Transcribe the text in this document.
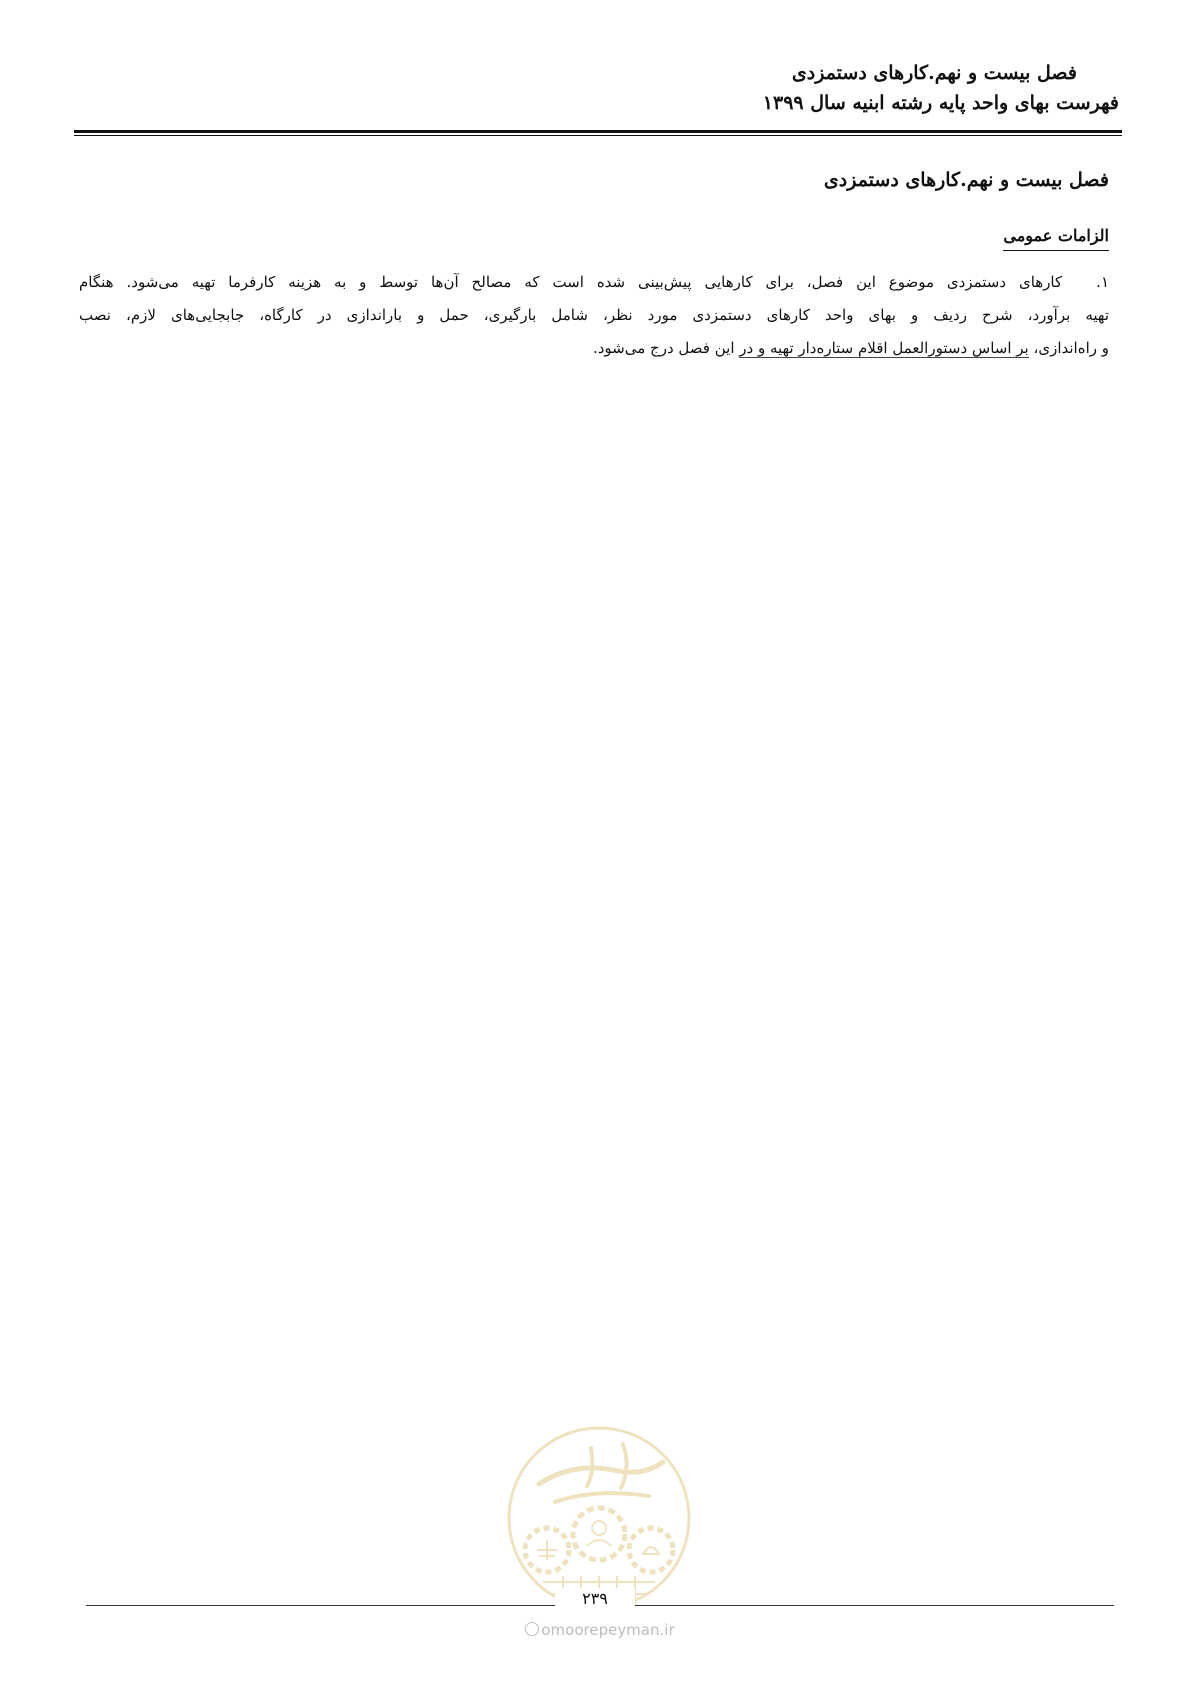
فصل بیست و نهم.کارهای دستمزدی
فهرست بهای واحد پایه رشته ابنیه سال ۱۳۹۹
فصل بیست و نهم.کارهای دستمزدی
الزامات عمومی
۱.کارهای دستمزدی موضوع این فصل، برای کارهایی پیش‌بینی شده است که مصالح آن‌ها توسط و به هزینه کارفرما تهیه می‌شود. هنگام
تهیه برآورد، شرح ردیف و بهای واحد کارهای دستمزدی مورد نظر، شامل بارگیری، حمل و باراندازی در کارگاه، جابجایی‌های لازم، نصب
و راه‌اندازی، بر اساس دستورالعمل اقلام ستاره‌دار تهیه و در این فصل درج می‌شود.
۲۳۹
omoorepeyman.ir
